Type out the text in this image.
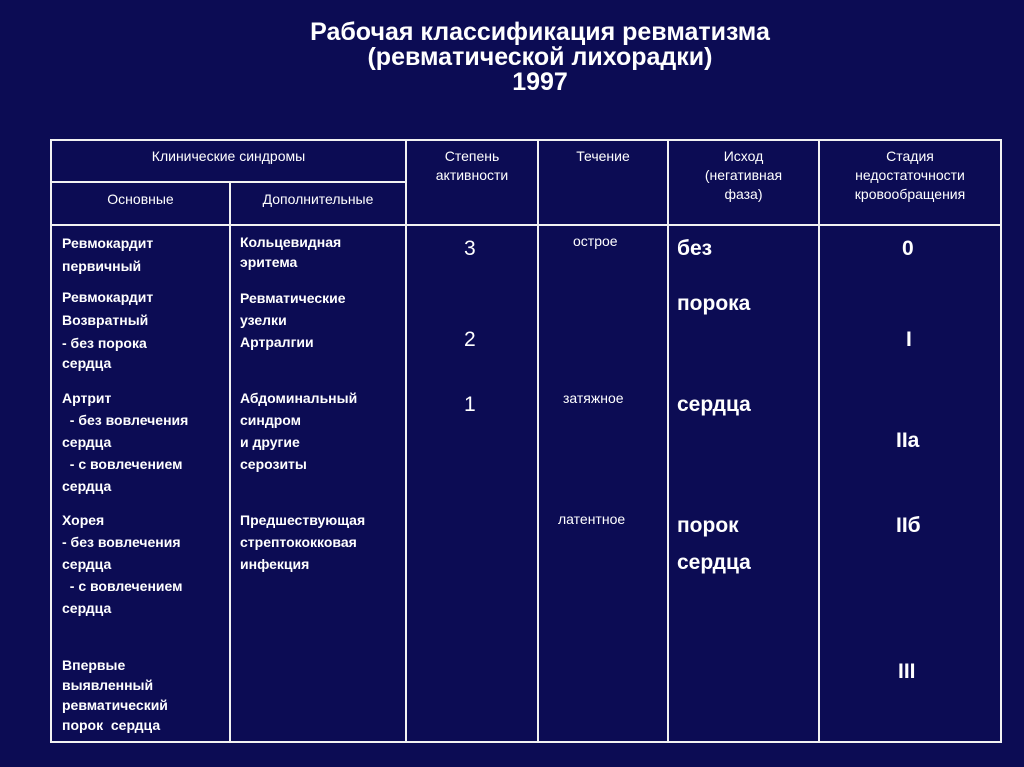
Рабочая классификация ревматизма
(ревматической лихорадки)
1997
Клинические синдромы
Основные	Дополнительные
Степень
активности
Течение	Исход
(негативная
фаза)
Стадия
недостаточности
кровообращения
Ревмокардит
первичный
Ревмокардит
Возвратный
- без порока
сердца
Артрит
- без вовлечения
сердца
- с вовлечением
сердца
Хорея
- без вовлечения
сердца
- с вовлечением
сердца
Впервые
выявленный
ревматический
порок  сердца
Кольцевидная
эритема
Ревматические
узелки
Артралгии
Абдоминальный
синдром
и другие
серозиты
Предшествующая
стрептококковая
инфекция
3
2
1
острое
затяжное
латентное
без
порока
сердца
порок
сердца
0
I
IIa
IIб
III
